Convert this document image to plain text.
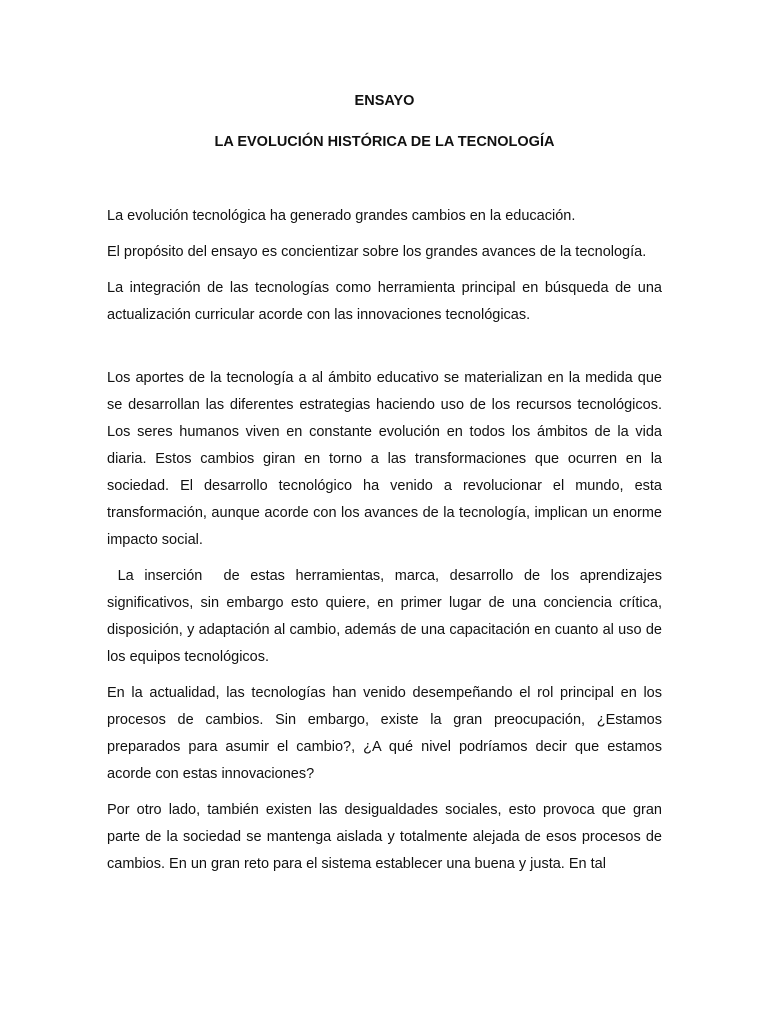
ENSAYO
LA EVOLUCIÓN HISTÓRICA DE LA TECNOLOGÍA

La evolución tecnológica ha generado grandes cambios en la educación.

El propósito del ensayo es concientizar sobre los grandes avances de la tecnología.

La integración de las tecnologías como herramienta principal en búsqueda de una actualización curricular acorde con las innovaciones tecnológicas.

Los aportes de la tecnología a al ámbito educativo se materializan en la medida que se desarrollan las diferentes estrategias haciendo uso de los recursos tecnológicos. Los seres humanos viven en constante evolución en todos los ámbitos de la vida diaria. Estos cambios giran en torno a las transformaciones que ocurren en la sociedad. El desarrollo tecnológico ha venido a revolucionar el mundo, esta transformación, aunque acorde con los avances de la tecnología, implican un enorme impacto social.

La inserción  de estas herramientas, marca, desarrollo de los aprendizajes significativos, sin embargo esto quiere, en primer lugar de una conciencia crítica, disposición, y adaptación al cambio, además de una capacitación en cuanto al uso de los equipos tecnológicos.

En la actualidad, las tecnologías han venido desempeñando el rol principal en los procesos de cambios. Sin embargo, existe la gran preocupación, ¿Estamos preparados para asumir el cambio?, ¿A qué nivel podríamos decir que estamos acorde con estas innovaciones?

Por otro lado, también existen las desigualdades sociales, esto provoca que gran parte de la sociedad se mantenga aislada y totalmente alejada de esos procesos de cambios. En un gran reto para el sistema establecer una buena y justa. En tal
